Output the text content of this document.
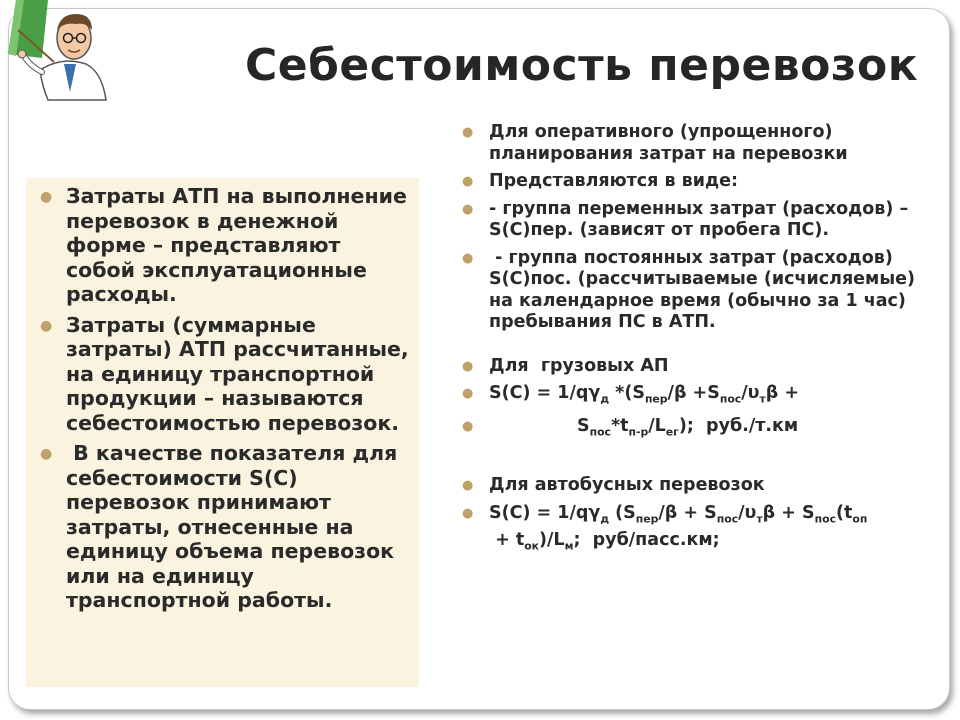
Себестоимость перевозок
● Затраты АТП на выполнение перевозок в денежной форме – представляют собой эксплуатационные расходы.
● Затраты (суммарные затраты) АТП рассчитанные, на единицу транспортной продукции – называются себестоимостью перевозок.
● В качестве показателя для себестоимости S(C) перевозок принимают затраты, отнесенные на единицу объема перевозок или на единицу транспортной работы.
● Для оперативного (упрощенного) планирования затрат на перевозки
● Представляются в виде:
● - группа переменных затрат (расходов) – S(C)пер. (зависят от пробега ПС).
● - группа постоянных затрат (расходов) S(C)пос. (рассчитываемые (исчисляемые) на календарное время (обычно за 1 час) пребывания ПС в АТП.
● Для  грузовых АП
● $S(C) = 1/q\gamma_д$ $*(S_{пер}/\beta +S_{пос}/\upsilon_т\beta$ +
●	$S_{пос}*t_{п-р}/L_{ег}$);  руб./т.км
● Для автобусных перевозок
● $S(C) = 1/q\gamma_д$ ($S_{пер}/\beta + S_{пос}/\upsilon_т\beta + S_{пос}(t_{оп} + t_{ок})/L_м$;  руб/пасс.км;
